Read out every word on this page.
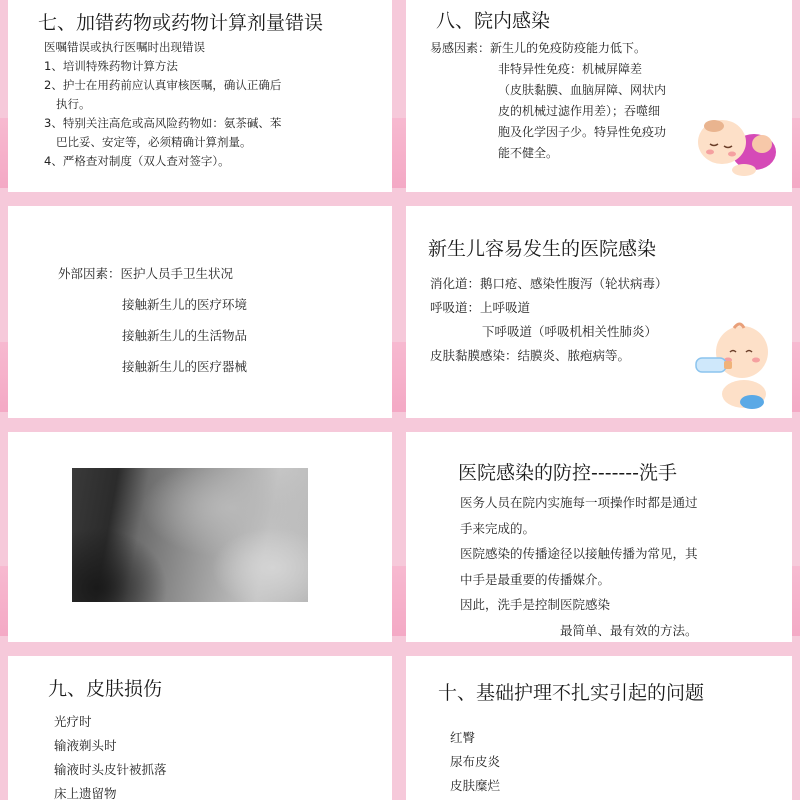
七、加错药物或药物计算剂量错误
医嘱错误或执行医嘱时出现错误
1、培训特殊药物计算方法
2、护士在用药前应认真审核医嘱，确认正确后
执行。
3、特别关注高危或高风险药物如：氨茶碱、苯
巴比妥、安定等，必须精确计算剂量。
4、严格查对制度（双人查对签字）。
八、院内感染
易感因素：新生儿的免疫防疫能力低下。
非特异性免疫：机械屏障差
（皮肤黏膜、血脑屏障、网状内
皮的机械过滤作用差）；吞噬细
胞及化学因子少。特异性免疫功
能不健全。
外部因素：医护人员手卫生状况
接触新生儿的医疗环境
接触新生儿的生活物品
接触新生儿的医疗器械
新生儿容易发生的医院感染
消化道：鹅口疮、感染性腹泻（轮状病毒）
呼吸道：上呼吸道
下呼吸道（呼吸机相关性肺炎）
皮肤黏膜感染：结膜炎、脓疱病等。
医院感染的防控-------洗手
医务人员在院内实施每一项操作时都是通过
手来完成的。
医院感染的传播途径以接触传播为常见，其
中手是最重要的传播媒介。
因此，洗手是控制医院感染
最简单、最有效的方法。
九、皮肤损伤
光疗时
输液剃头时
输液时头皮针被抓落
床上遗留物
十、基础护理不扎实引起的问题
红臀
尿布皮炎
皮肤糜烂
